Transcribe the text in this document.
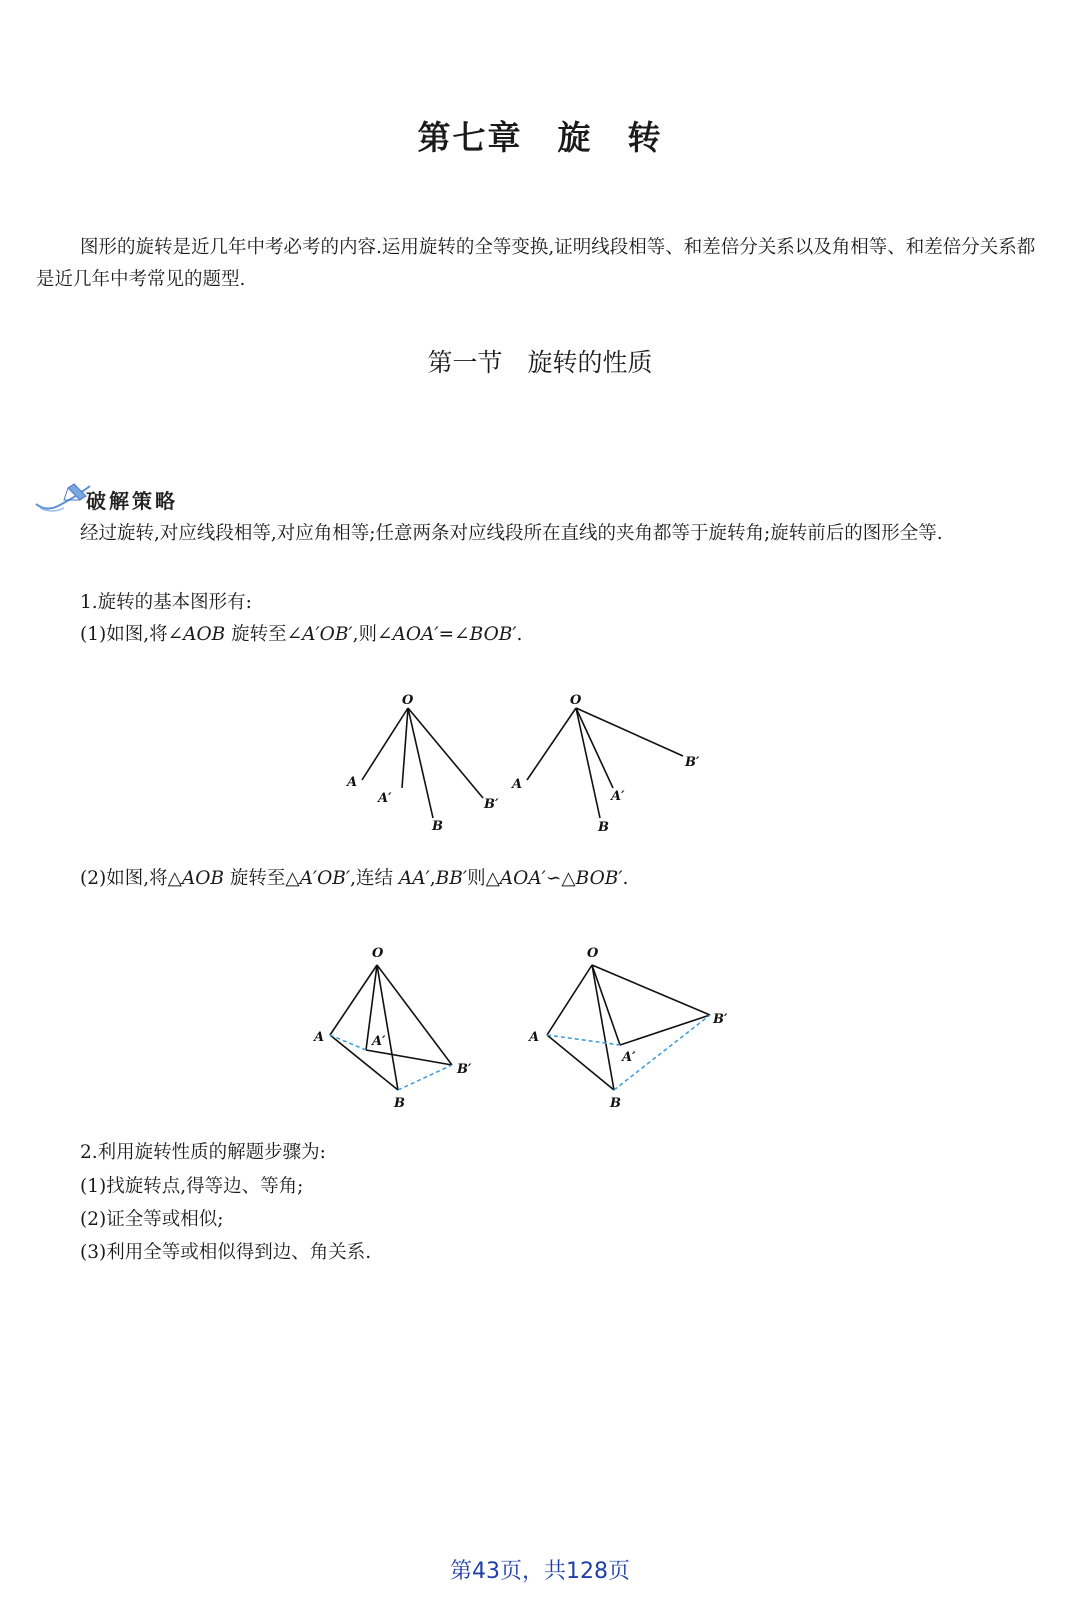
第七章　旋　转

图形的旋转是近几年中考必考的内容.运用旋转的全等变换,证明线段相等、和差倍分关系以及角相等、和差倍分关系都是近几年中考常见的题型.

第一节　旋转的性质
破解策略

经过旋转,对应线段相等,对应角相等;任意两条对应线段所在直线的夹角都等于旋转角;旋转前后的图形全等.

1.旋转的基本图形有:
(1)如图,将∠AOB 旋转至∠A′OB′,则∠AOA′=∠BOB′.
O
A
A′
B
B′
O
A
A′
B
B′
(2)如图,将△AOB 旋转至△A′OB′,连结 AA′,BB′则△AOA′∽△BOB′.
O
A	A′
B
B′
O
A
A′
B
B′
2.利用旋转性质的解题步骤为:
(1)找旋转点,得等边、等角;
(2)证全等或相似;
(3)利用全等或相似得到边、角关系.
第43页，共128页
